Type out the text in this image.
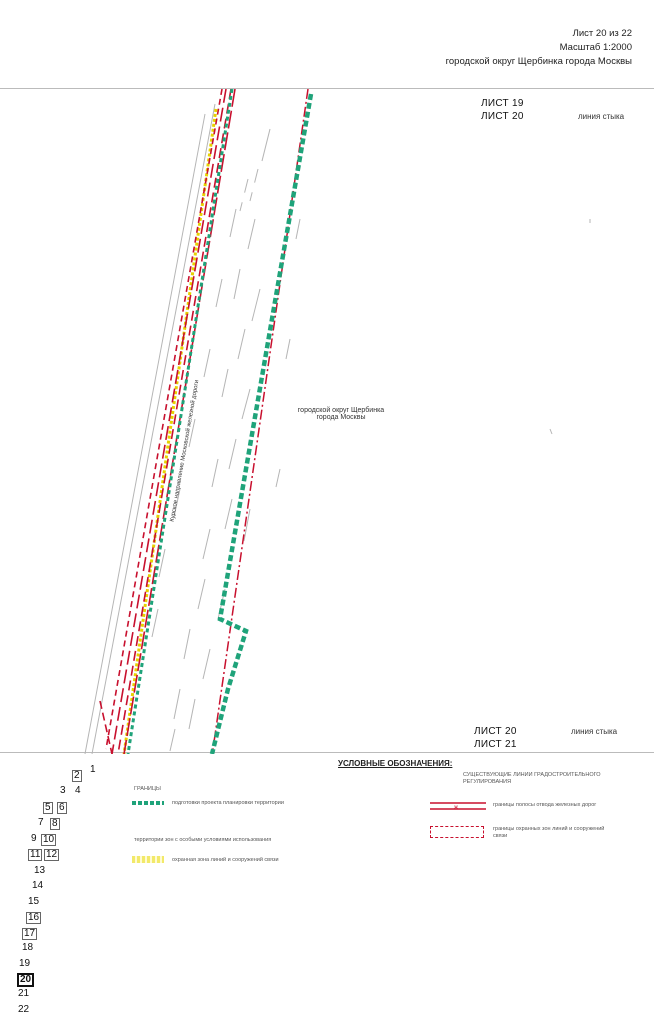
Лист 20 из 22
Масштаб 1:2000
городской округ Щербинка города Москвы
ЛИСТ 19
ЛИСТ 20	линия стыка
ЛИСТ 20
ЛИСТ 21
линия стыка
городской округ Щербинка города Москвы
Курское направление Московской железной дороги
УСЛОВНЫЕ ОБОЗНАЧЕНИЯ:
ГРАНИЦЫ
подготовки проекта планировки территории
территории зон с особыми условиями использования
охранная зона линий и сооружений связи
СУЩЕСТВУЮЩИЕ ЛИНИИ ГРАДОСТРОИТЕЛЬНОГО РЕГУЛИРОВАНИЯ
ж	границы полосы отвода железных дорог
границы охранных зон линий и сооружений связи
1
2
3 4
5 6
7 8
9 10
11 12
13
14
15
16
17
18
19
20
21
22
